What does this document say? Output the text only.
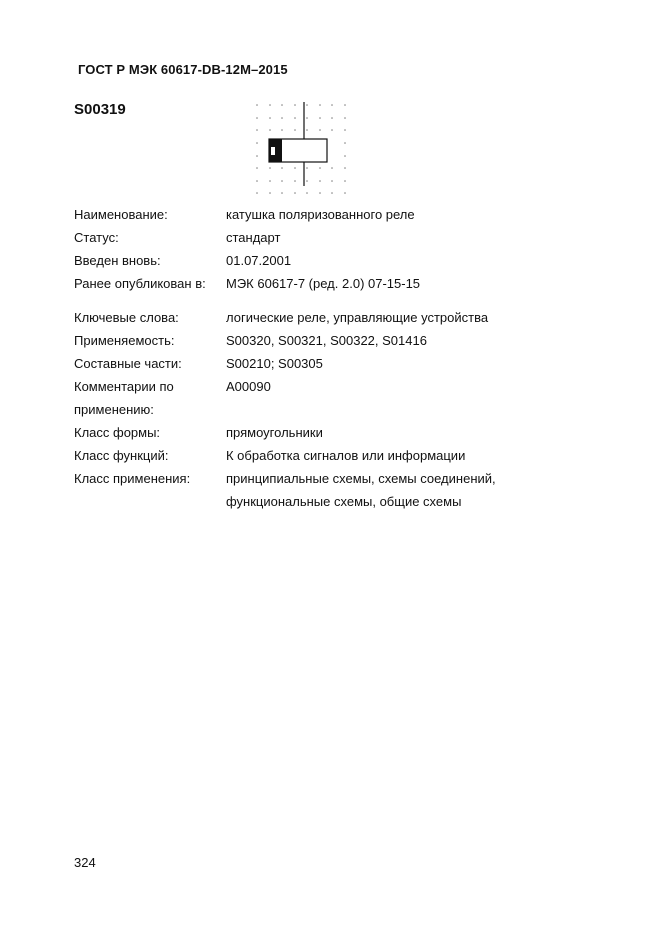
ГОСТ Р МЭК 60617-DB-12M–2015
S00319
Наименование:	катушка поляризованного реле
Статус:	стандарт
Введен вновь:	01.07.2001
Ранее опубликован в:	МЭК 60617-7 (ред. 2.0) 07-15-15
Ключевые слова:	логические реле, управляющие устройства
Применяемость:	S00320, S00321, S00322, S01416
Составные части:	S00210; S00305
Комментарии по применению:
A00090
Класс формы:	прямоугольники
Класс функций:	К обработка сигналов или информации
Класс применения:	принципиальные схемы, схемы соединений, функциональные схемы, общие схемы
324
